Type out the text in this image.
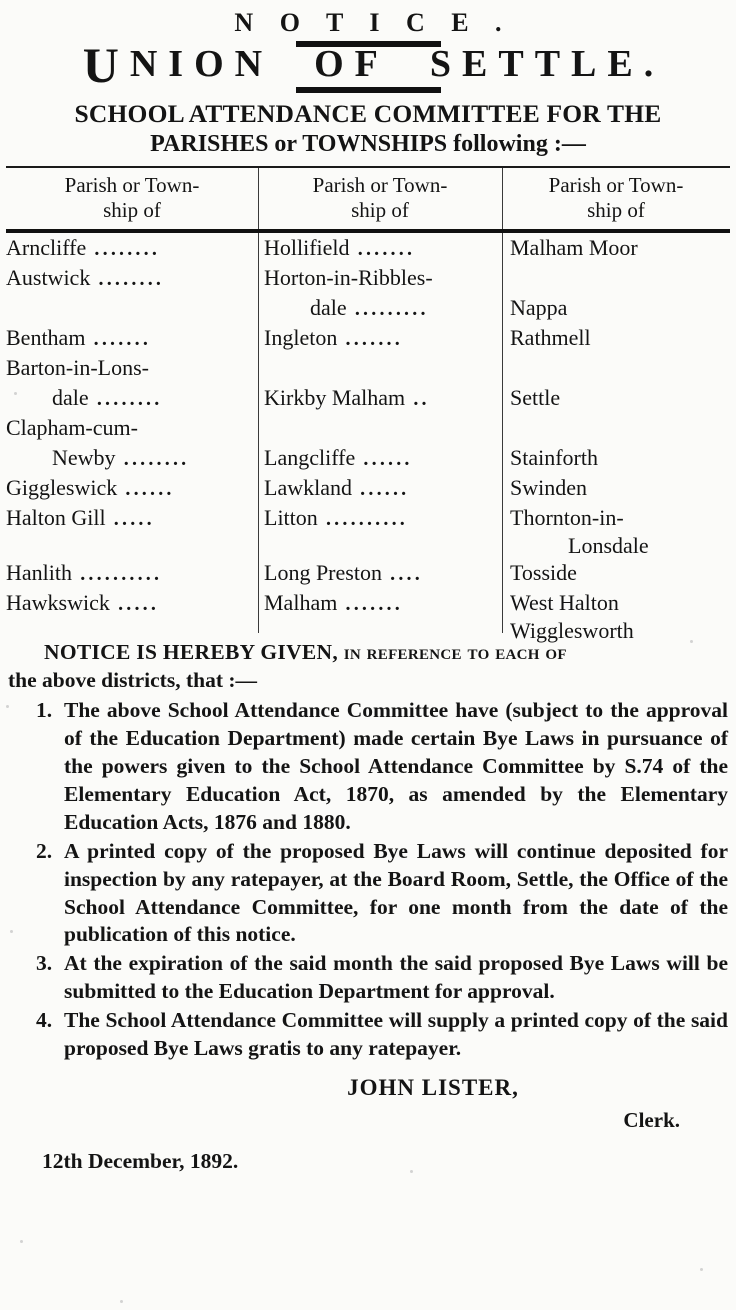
N O T I C E .
UNION OF SETTLE.
SCHOOL ATTENDANCE COMMITTEE FOR THE
PARISHES or TOWNSHIPS following :—
Parish or Town-
ship of
Parish or Town-
ship of
Parish or Town-
ship of
Arncliffe ........
Austwick ........
Bentham .......
Barton-in-Lons-
dale ........
Clapham-cum-
Newby ........
Giggleswick ......
Halton Gill .....
Hanlith ..........
Hawkswick .....
Hollifield .......
Horton-in-Ribbles-
dale .........
Ingleton .......
Kirkby Malham ..
Langcliffe ......
Lawkland ......
Litton ..........
Long Preston ....
Malham .......
Malham Moor
Nappa
Rathmell
Settle
Stainforth
Swinden
Thornton-in-
Lonsdale
Tosside
West Halton
Wigglesworth
NOTICE IS HEREBY GIVEN, in reference to each of
the above districts, that :—
1. The above School Attendance Committee have (subject to the approval of the Education Department) made certain Bye Laws in pursuance of the powers given to the School Attendance Committee by S.74 of the Elementary Education Act, 1870, as amended by the Elementary Education Acts, 1876 and 1880.
2. A printed copy of the proposed Bye Laws will continue deposited for inspection by any ratepayer, at the Board Room, Settle, the Office of the School Attendance Committee, for one month from the date of the publication of this notice.
3. At the expiration of the said month the said proposed Bye Laws will be submitted to the Education Department for approval.
4. The School Attendance Committee will supply a printed copy of the said proposed Bye Laws gratis to any ratepayer.
JOHN LISTER,
Clerk.
12th December, 1892.
